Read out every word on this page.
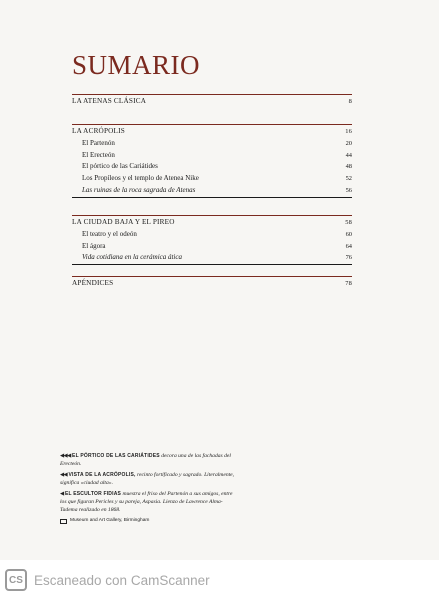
SUMARIO
LA ATENAS CLÁSICA	8
LA ACRÓPOLIS	16
El Partenón	20
El Erecteón	44
El pórtico de las Cariátides	48
Los Propíleos y el templo de Atenea Nike	52
Las ruinas de la roca sagrada de Atenas	56
LA CIUDAD BAJA Y EL PIREO	58
El teatro y el odeón	60
El ágora	64
Vida cotidiana en la cerámica ática	76
APÉNDICES	78

◀◀◀ EL PÓRTICO DE LAS CARIÁTIDES decora una de las fachadas del Erecteón.

◀◀ VISTA DE LA ACRÓPOLIS, recinto fortificado y sagrado. Literalmente, significa «ciudad alta».

◀ EL ESCULTOR FIDIAS muestra el friso del Partenón a sus amigos, entre los que figuran Pericles y su pareja, Aspasia. Lienzo de Lawrence Alma-Tadema realizado en 1868.

Museum and Art Gallery, Birmingham
CS Escaneado con CamScanner
